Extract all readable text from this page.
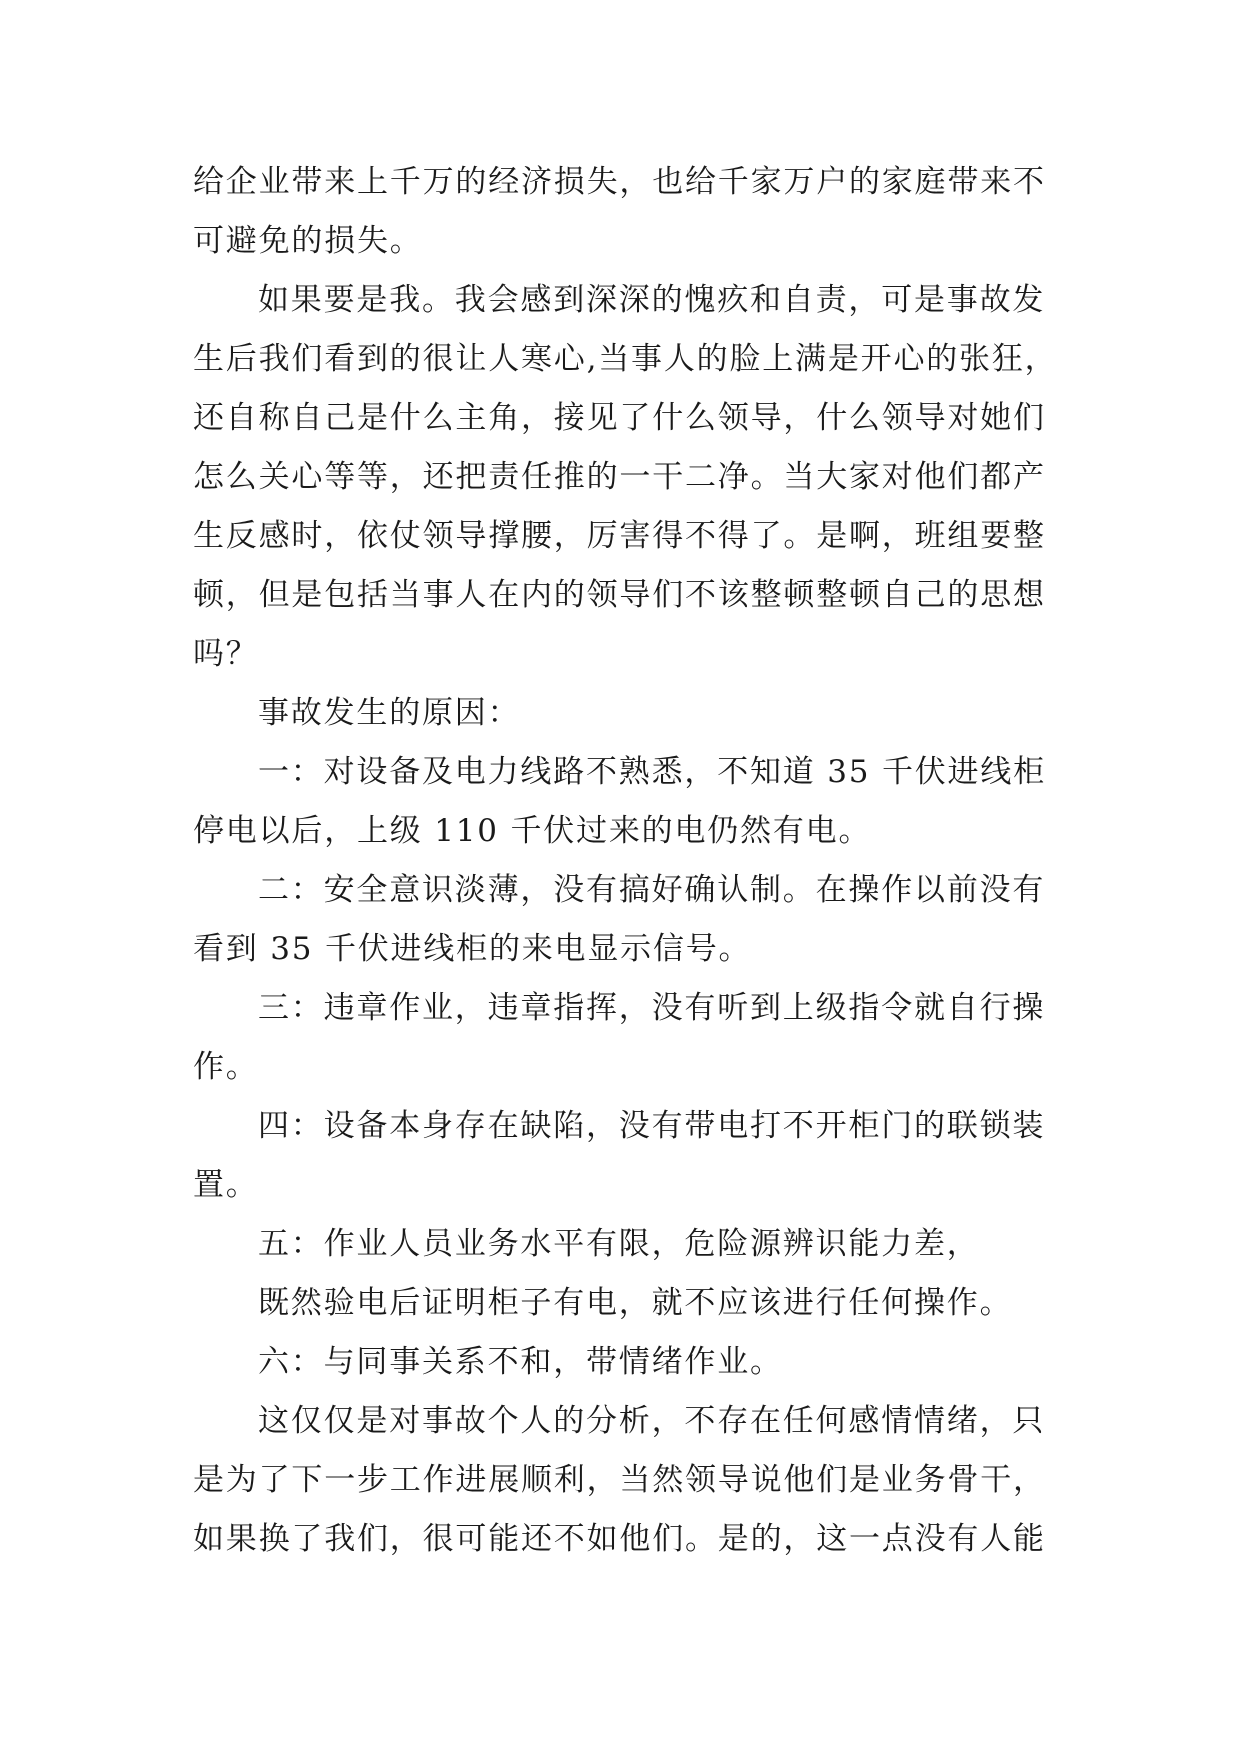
给企业带来上千万的经济损失，也给千家万户的家庭带来不
可避免的损失。
如果要是我。我会感到深深的愧疚和自责，可是事故发
生后我们看到的很让人寒心,当事人的脸上满是开心的张狂，
还自称自己是什么主角，接见了什么领导，什么领导对她们
怎么关心等等，还把责任推的一干二净。当大家对他们都产
生反感时，依仗领导撑腰，厉害得不得了。是啊，班组要整
顿，但是包括当事人在内的领导们不该整顿整顿自己的思想
吗？
事故发生的原因：
一：对设备及电力线路不熟悉，不知道 35 千伏进线柜
停电以后，上级 110 千伏过来的电仍然有电。
二：安全意识淡薄，没有搞好确认制。在操作以前没有
看到 35 千伏进线柜的来电显示信号。
三：违章作业，违章指挥，没有听到上级指令就自行操
作。
四：设备本身存在缺陷，没有带电打不开柜门的联锁装
置。
五：作业人员业务水平有限，危险源辨识能力差，
既然验电后证明柜子有电，就不应该进行任何操作。
六：与同事关系不和，带情绪作业。
这仅仅是对事故个人的分析，不存在任何感情情绪，只
是为了下一步工作进展顺利，当然领导说他们是业务骨干，
如果换了我们，很可能还不如他们。是的，这一点没有人能
